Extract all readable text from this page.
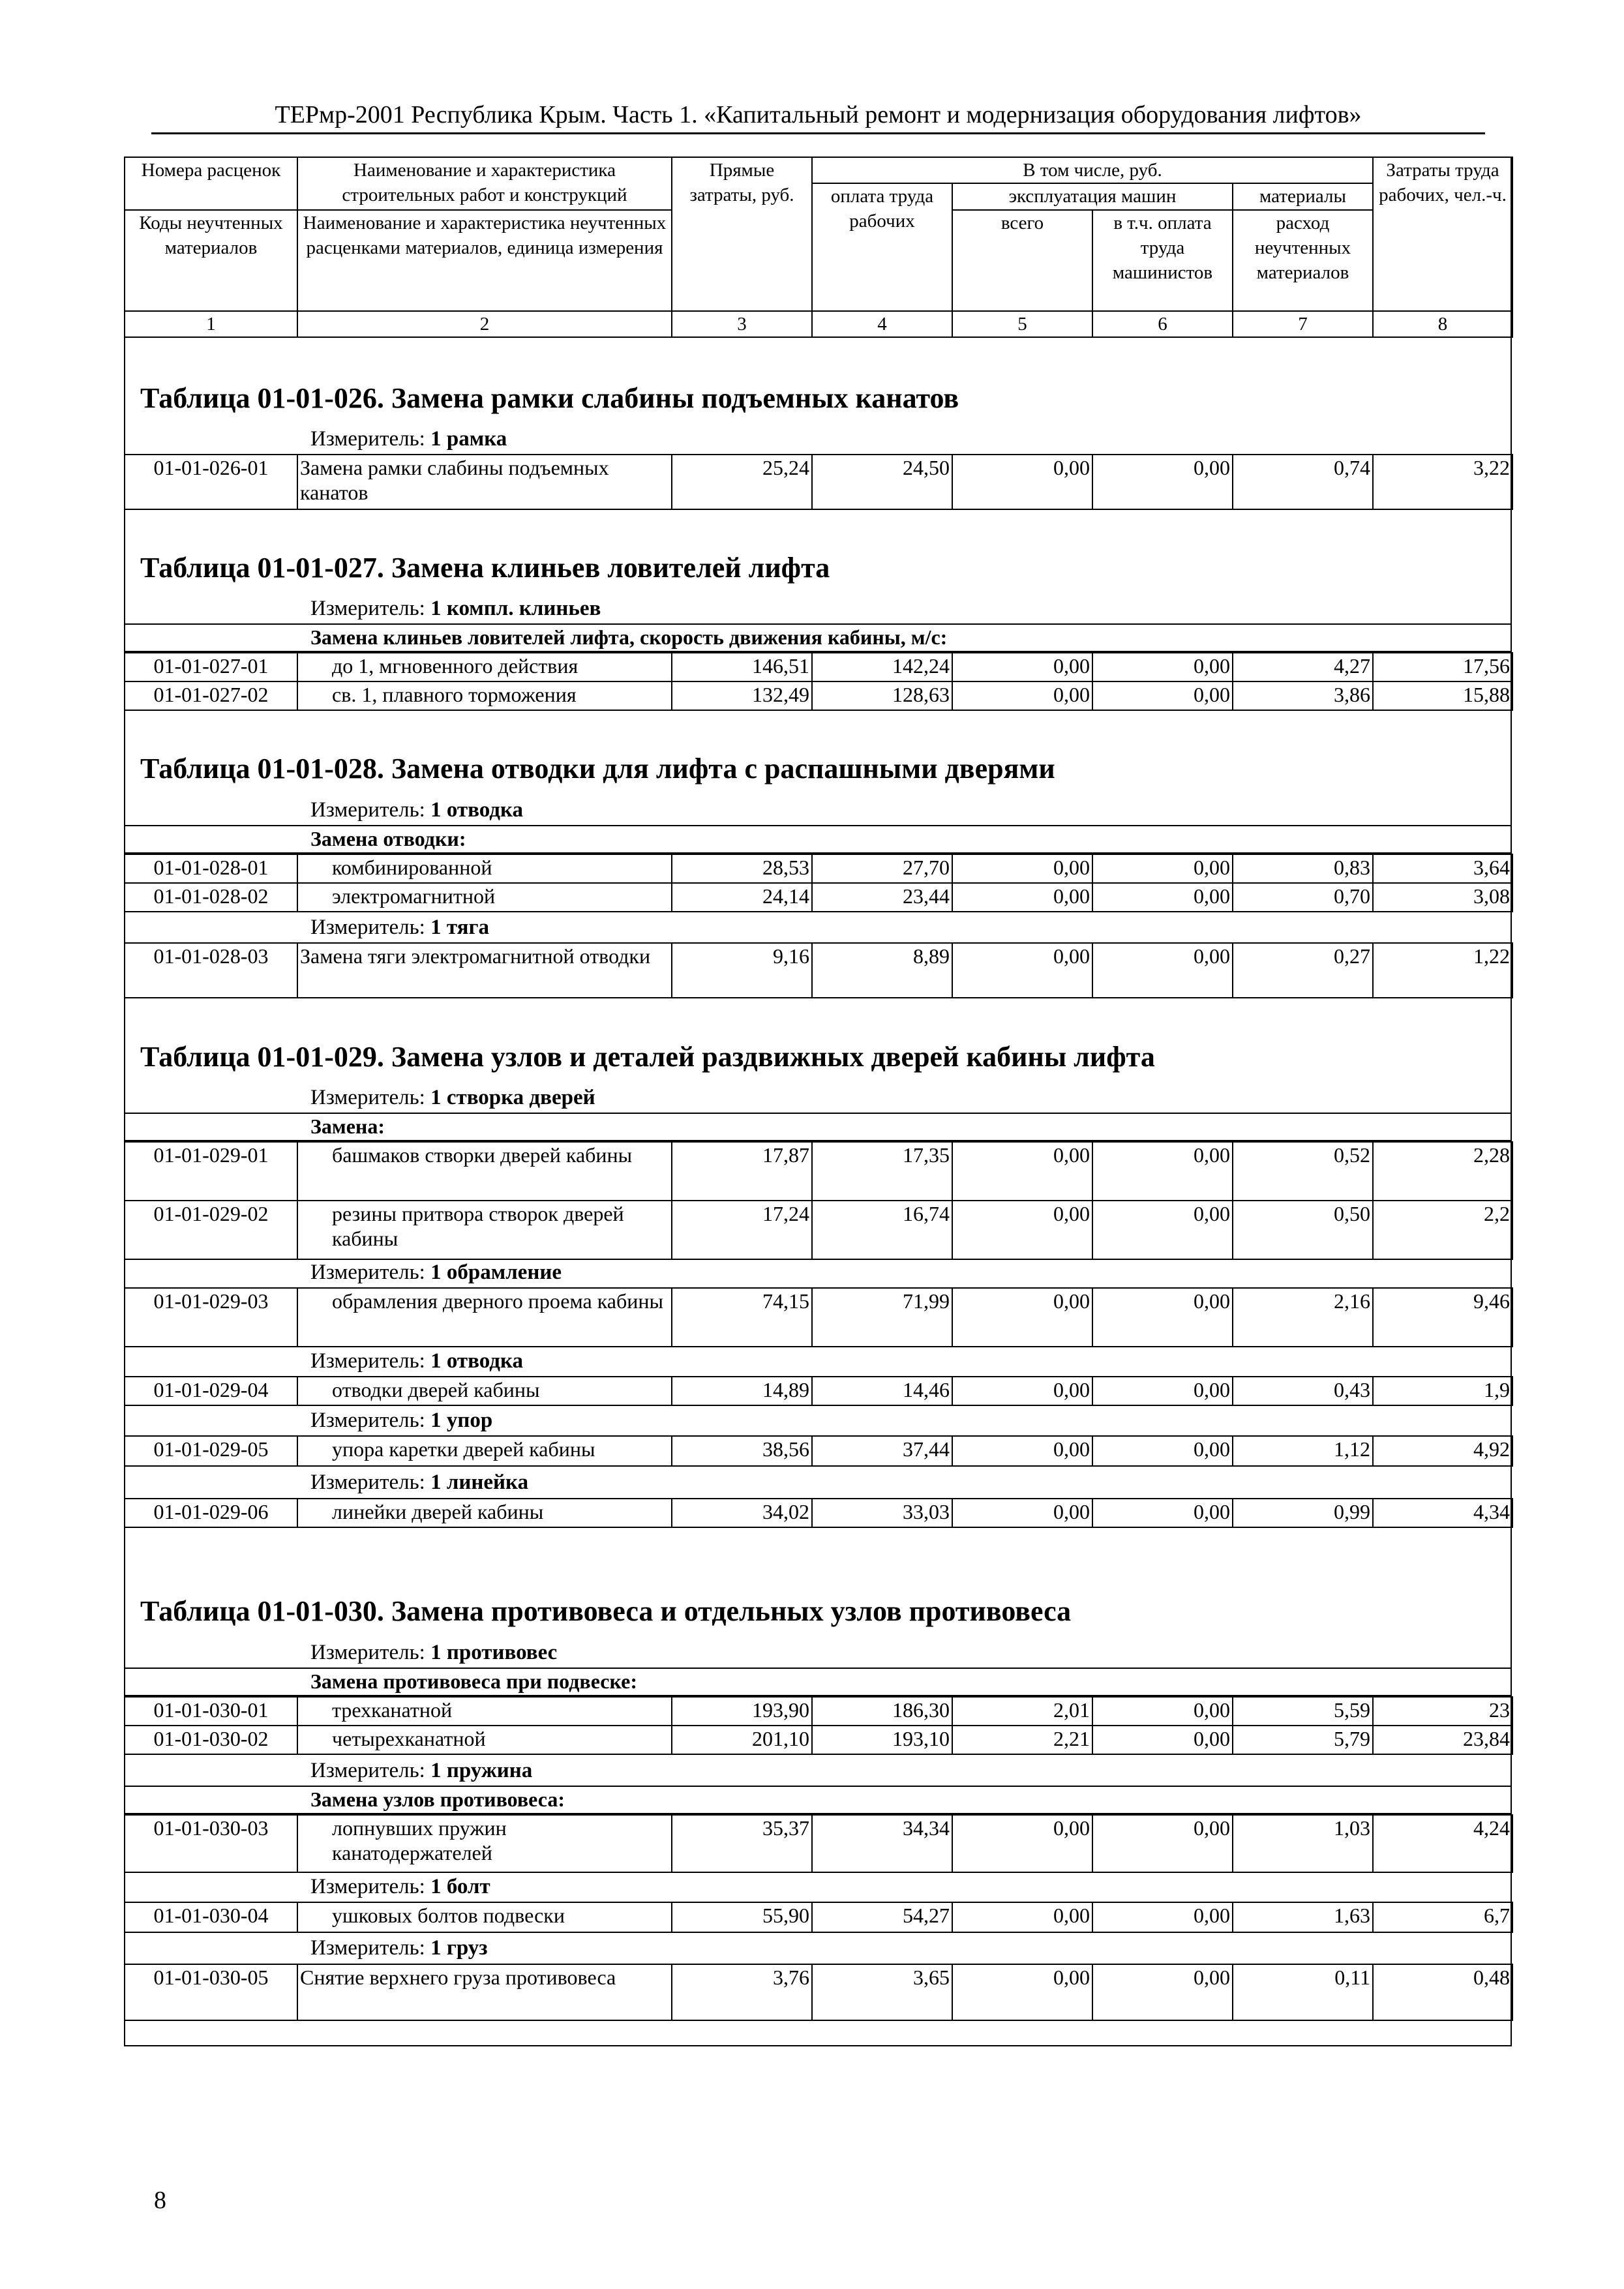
ТЕРмр-2001 Республика Крым. Часть 1. «Капитальный ремонт и модернизация оборудования лифтов»
Номера расценок	Наименование и характеристика строительных работ и конструкций	Прямые затраты, руб.	В том числе, руб.				Затраты труда рабочих, чел.-ч.
			оплата труда рабочих	эксплуатация машин		материалы	
Коды неучтенных материалов	Наименование и характеристика неучтенных расценками материалов, единица измерения			всего	в т.ч. оплата труда машинистов	расход неучтенных материалов	

1	2	3	4	5	6	7	8
Таблица 01-01-026. Замена рамки слабины подъемных канатов
Измеритель: 1 рамка
01-01-026-01	Замена рамки слабины подъемных канатов	25,24	24,50	0,00	0,00	0,74	3,22
Таблица 01-01-027. Замена клиньев ловителей лифта
Измеритель: 1 компл. клиньев
Замена клиньев ловителей лифта, скорость движения кабины, м/с:
01-01-027-01	до 1, мгновенного действия	146,51	142,24	0,00	0,00	4,27	17,56
01-01-027-02	св. 1, плавного торможения	132,49	128,63	0,00	0,00	3,86	15,88
Таблица 01-01-028. Замена отводки для лифта с распашными дверями
Измеритель: 1 отводка
Замена отводки:
01-01-028-01	комбинированной	28,53	27,70	0,00	0,00	0,83	3,64
01-01-028-02	электромагнитной	24,14	23,44	0,00	0,00	0,70	3,08
Измеритель: 1 тяга
01-01-028-03	Замена тяги электромагнитной отводки	9,16	8,89	0,00	0,00	0,27	1,22
Таблица 01-01-029. Замена узлов и деталей раздвижных дверей кабины лифта
Измеритель: 1 створка дверей
Замена:
01-01-029-01	башмаков створки дверей кабины	17,87	17,35	0,00	0,00	0,52	2,28
01-01-029-02	резины притвора створок дверей кабины	17,24	16,74	0,00	0,00	0,50	2,2
Измеритель: 1 обрамление
01-01-029-03	обрамления дверного проема кабины	74,15	71,99	0,00	0,00	2,16	9,46
Измеритель: 1 отводка
01-01-029-04	отводки дверей кабины	14,89	14,46	0,00	0,00	0,43	1,9
Измеритель: 1 упор
01-01-029-05	упора каретки дверей кабины	38,56	37,44	0,00	0,00	1,12	4,92
Измеритель: 1 линейка
01-01-029-06	линейки дверей кабины	34,02	33,03	0,00	0,00	0,99	4,34
Таблица 01-01-030. Замена противовеса и отдельных узлов противовеса
Измеритель: 1 противовес
Замена противовеса при подвеске:
01-01-030-01	трехканатной	193,90	186,30	2,01	0,00	5,59	23
01-01-030-02	четырехканатной	201,10	193,10	2,21	0,00	5,79	23,84
Измеритель: 1 пружина
Замена узлов противовеса:
01-01-030-03	лопнувших пружин канатодержателей	35,37	34,34	0,00	0,00	1,03	4,24
Измеритель: 1 болт
01-01-030-04	ушковых болтов подвески	55,90	54,27	0,00	0,00	1,63	6,7
Измеритель: 1 груз
01-01-030-05	Снятие верхнего груза противовеса	3,76	3,65	0,00	0,00	0,11	0,48
8
